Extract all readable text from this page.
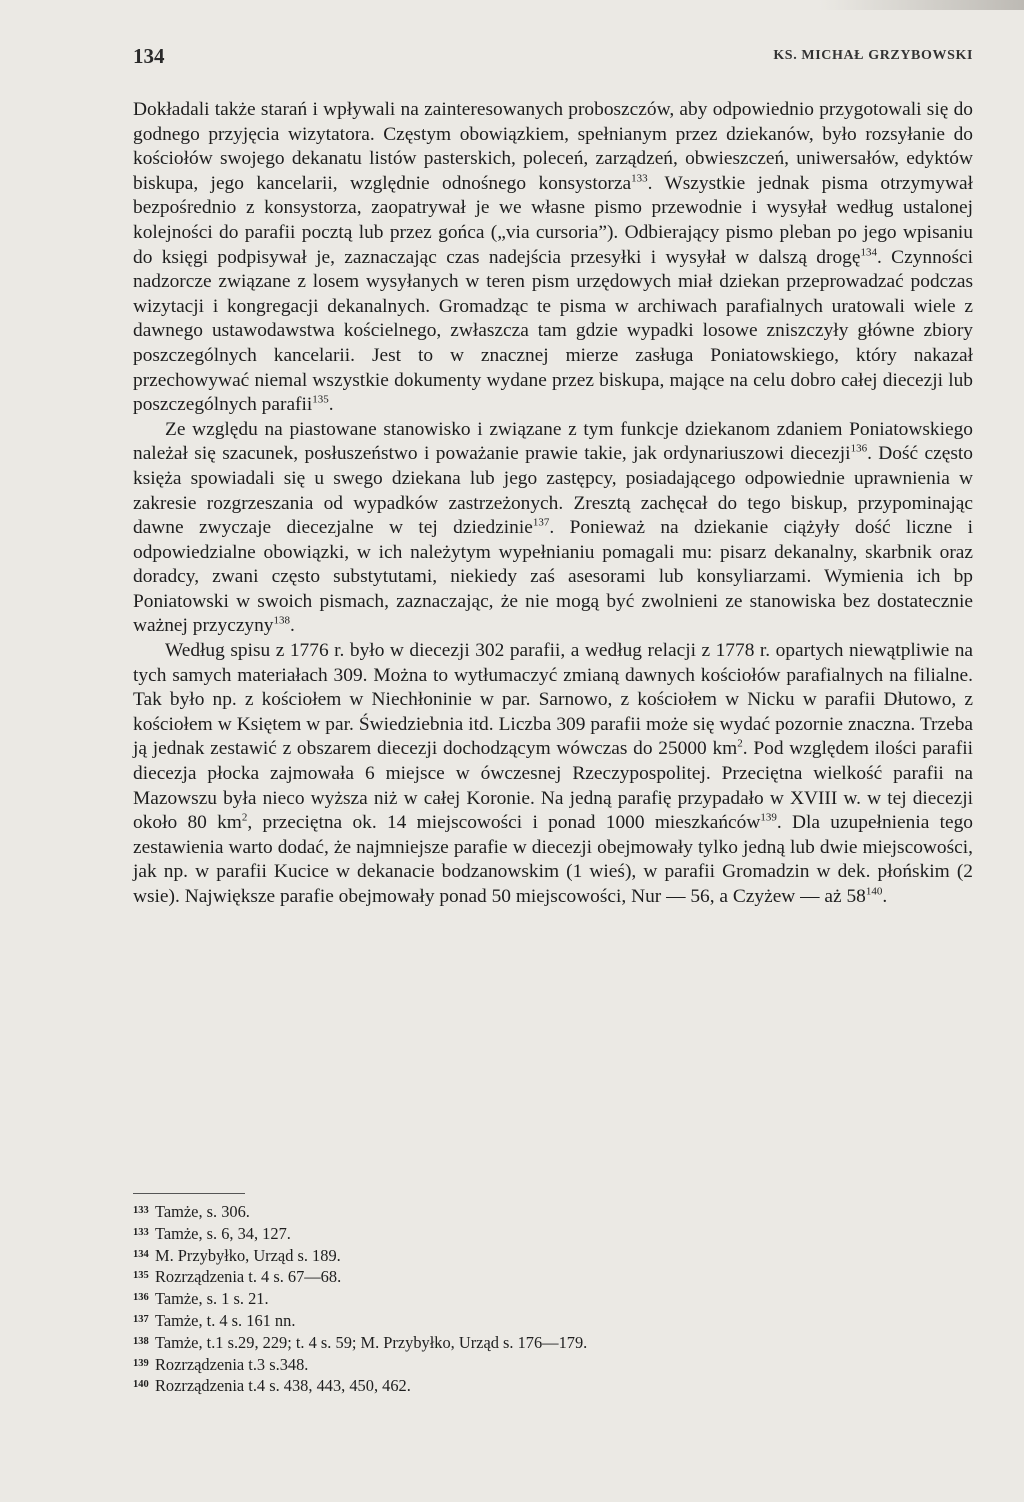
134	KS. MICHAŁ GRZYBOWSKI

Dokładali także starań i wpływali na zainteresowanych proboszczów, aby odpowiednio przygotowali się do godnego przyjęcia wizytatora. Częstym obowiązkiem, spełnianym przez dziekanów, było rozsyłanie do kościołów swojego dekanatu listów pasterskich, poleceń, zarządzeń, obwieszczeń, uniwersałów, edyktów biskupa, jego kancelarii, względnie odnośnego konsystorza$^{133}$. Wszystkie jednak pisma otrzymywał bezpośrednio z konsystorza, zaopatrywał je we własne pismo przewodnie i wysyłał według ustalonej kolejności do parafii pocztą lub przez gońca („via cursoria”). Odbierający pismo pleban po jego wpisaniu do księgi podpisywał je, zaznaczając czas nadejścia przesyłki i wysyłał w dalszą drogę$^{134}$. Czynności nadzorcze związane z losem wysyłanych w teren pism urzędowych miał dziekan przeprowadzać podczas wizytacji i kongregacji dekanalnych. Gromadząc te pisma w archiwach parafialnych uratowali wiele z dawnego ustawodawstwa kościelnego, zwłaszcza tam gdzie wypadki losowe zniszczyły główne zbiory poszczególnych kancelarii. Jest to w znacznej mierze zasługa Poniatowskiego, który nakazał przechowywać niemal wszystkie dokumenty wydane przez biskupa, mające na celu dobro całej diecezji lub poszczególnych parafii$^{135}$.

Ze względu na piastowane stanowisko i związane z tym funkcje dziekanom zdaniem Poniatowskiego należał się szacunek, posłuszeństwo i poważanie prawie takie, jak ordynariuszowi diecezji$^{136}$. Dość często księża spowiadali się u swego dziekana lub jego zastępcy, posiadającego odpowiednie uprawnienia w zakresie rozgrzeszania od wypadków zastrzeżonych. Zresztą zachęcał do tego biskup, przypominając dawne zwyczaje diecezjalne w tej dziedzinie$^{137}$. Ponieważ na dziekanie ciążyły dość liczne i odpowiedzialne obowiązki, w ich należytym wypełnianiu pomagali mu: pisarz dekanalny, skarbnik oraz doradcy, zwani często substytutami, niekiedy zaś asesorami lub konsyliarzami. Wymienia ich bp Poniatowski w swoich pismach, zaznaczając, że nie mogą być zwolnieni ze stanowiska bez dostatecznie ważnej przyczyny$^{138}$.

Według spisu z 1776 r. było w diecezji 302 parafii, a według relacji z 1778 r. opartych niewątpliwie na tych samych materiałach 309. Można to wytłumaczyć zmianą dawnych kościołów parafialnych na filialne. Tak było np. z kościołem w Niechłoninie w par. Sarnowo, z kościołem w Nicku w parafii Dłutowo, z kościołem w Księtem w par. Świedziebnia itd. Liczba 309 parafii może się wydać pozornie znaczna. Trzeba ją jednak zestawić z obszarem diecezji dochodzącym wówczas do 25000 $km^2$. Pod względem ilości parafii diecezja płocka zajmowała 6 miejsce w ówczesnej Rzeczypospolitej. Przeciętna wielkość parafii na Mazowszu była nieco wyższa niż w całej Koronie. Na jedną parafię przypadało w XVIII w. w tej diecezji około 80 $km^2$, przeciętna ok. 14 miejscowości i ponad 1000 mieszkańców$^{139}$. Dla uzupełnienia tego zestawienia warto dodać, że najmniejsze parafie w diecezji obejmowały tylko jedną lub dwie miejscowości, jak np. w parafii Kucice w dekanacie bodzanowskim (1 wieś), w parafii Gromadzin w dek. płońskim (2 wsie). Największe parafie obejmowały ponad 50 miejscowości, Nur — 56, a Czyżew — aż $58^{140}$.

133 Tamże, s. 306.
133 Tamże, s. 6, 34, 127.
134 M. Przybyłko, Urząd s. 189.
135 Rozrządzenia t. 4 s. 67—68.
136 Tamże, s. 1 s. 21.
137 Tamże, t. 4 s. 161 nn.
138 Tamże, t.1 s.29, 229; t. 4 s. 59; M. Przybyłko, Urząd s. 176—179.
139 Rozrządzenia t.3 s.348.
140 Rozrządzenia t.4 s. 438, 443, 450, 462.
